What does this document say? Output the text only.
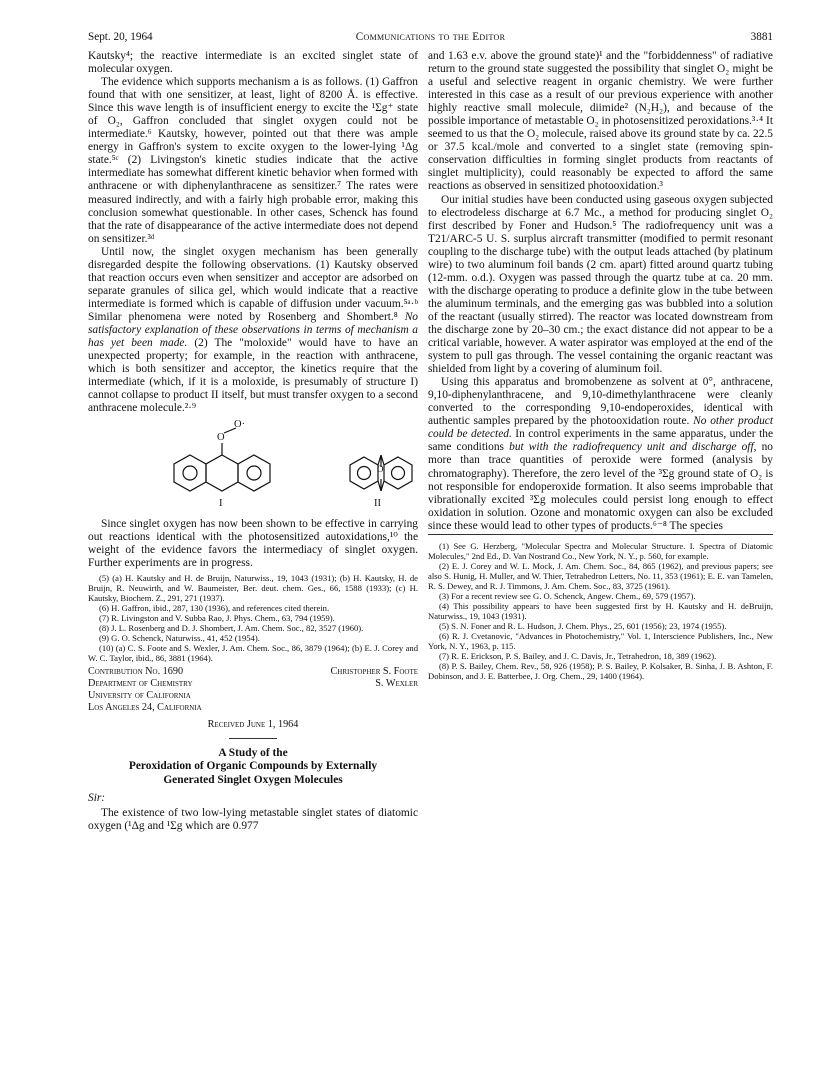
Sept. 20, 1964	Communications to the Editor	3881

Kautsky⁴; the reactive intermediate is an excited singlet state of molecular oxygen.

The evidence which supports mechanism a is as follows. (1) Gaffron found that with one sensitizer, at least, light of 8200 Å. is effective. Since this wave length is of insufficient energy to excite the ¹Σg⁺ state of O₂, Gaffron concluded that singlet oxygen could not be intermediate.⁶ Kautsky, however, pointed out that there was ample energy in Gaffron's system to excite oxygen to the lower-lying ¹Δg state.⁵ᶜ (2) Livingston's kinetic studies indicate that the active intermediate has somewhat different kinetic behavior when formed with anthracene or with diphenylanthracene as sensitizer.⁷ The rates were measured indirectly, and with a fairly high probable error, making this conclusion somewhat questionable. In other cases, Schenck has found that the rate of disappearance of the active intermediate does not depend on sensitizer.³ᵈ

Until now, the singlet oxygen mechanism has been generally disregarded despite the following observations. (1) Kautsky observed that reaction occurs even when sensitizer and acceptor are adsorbed on separate granules of silica gel, which would indicate that a reactive intermediate is formed which is capable of diffusion under vacuum.⁵ᵃ·ᵇ Similar phenomena were noted by Rosenberg and Shombert.⁸ No satisfactory explanation of these observations in terms of mechanism a has yet been made. (2) The "moloxide" would have to have an unexpected property; for example, in the reaction with anthracene, which is both sensitizer and acceptor, the kinetics require that the intermediate (which, if it is a moloxide, is presumably of structure I) cannot collapse to product II itself, but must transfer oxygen to a second anthracene molecule.²·⁹

O
O·
O
I	II

Since singlet oxygen has now been shown to be effective in carrying out reactions identical with the photosensitized autoxidations,¹⁰ the weight of the evidence favors the intermediacy of singlet oxygen. Further experiments are in progress.

(5) (a) H. Kautsky and H. de Bruijn, Naturwiss., 19, 1043 (1931); (b) H. Kautsky, H. de Bruijn, R. Neuwirth, and W. Baumeister, Ber. deut. chem. Ges., 66, 1588 (1933); (c) H. Kautsky, Biochem. Z., 291, 271 (1937).

(6) H. Gaffron, ibid., 287, 130 (1936), and references cited therein.

(7) R. Livingston and V. Subba Rao, J. Phys. Chem., 63, 794 (1959).

(8) J. L. Rosenberg and D. J. Shombert, J. Am. Chem. Soc., 82, 3527 (1960).

(9) G. O. Schenck, Naturwiss., 41, 452 (1954).

(10) (a) C. S. Foote and S. Wexler, J. Am. Chem. Soc., 86, 3879 (1964); (b) E. J. Corey and W. C. Taylor, ibid., 86, 3881 (1964).

Contribution No. 1690
Department of Chemistry
University of California
Los Angeles 24, California
Christopher S. Foote
S. Wexler
Received June 1, 1964
A Study of the
Peroxidation of Organic Compounds by Externally
Generated Singlet Oxygen Molecules
Sir:

The existence of two low-lying metastable singlet states of diatomic oxygen (¹Δg and ¹Σg which are 0.977

and 1.63 e.v. above the ground state)¹ and the "forbiddenness" of radiative return to the ground state suggested the possibility that singlet O₂ might be a useful and selective reagent in organic chemistry. We were further interested in this case as a result of our previous experience with another highly reactive small molecule, diimide² (N₂H₂), and because of the possible importance of metastable O₂ in photosensitized peroxidations.³·⁴ It seemed to us that the O₂ molecule, raised above its ground state by ca. 22.5 or 37.5 kcal./mole and converted to a singlet state (removing spin-conservation difficulties in forming singlet products from reactants of singlet multiplicity), could reasonably be expected to afford the same reactions as observed in sensitized photooxidation.³

Our initial studies have been conducted using gaseous oxygen subjected to electrodeless discharge at 6.7 Mc., a method for producing singlet O₂ first described by Foner and Hudson.⁵ The radiofrequency unit was a T21/ARC-5 U. S. surplus aircraft transmitter (modified to permit resonant coupling to the discharge tube) with the output leads attached (by platinum wire) to two aluminum foil bands (2 cm. apart) fitted around quartz tubing (12-mm. o.d.). Oxygen was passed through the quartz tube at ca. 20 mm. with the discharge operating to produce a definite glow in the tube between the aluminum terminals, and the emerging gas was bubbled into a solution of the reactant (usually stirred). The reactor was located downstream from the discharge zone by 20–30 cm.; the exact distance did not appear to be a critical variable, however. A water aspirator was employed at the end of the system to pull gas through. The vessel containing the organic reactant was shielded from light by a covering of aluminum foil.

Using this apparatus and bromobenzene as solvent at 0°, anthracene, 9,10-diphenylanthracene, and 9,10-dimethylanthracene were cleanly converted to the corresponding 9,10-endoperoxides, identical with authentic samples prepared by the photooxidation route. No other product could be detected. In control experiments in the same apparatus, under the same conditions but with the radiofrequency unit and discharge off, no more than trace quantities of peroxide were formed (analysis by chromatography). Therefore, the zero level of the ³Σg ground state of O₂ is not responsible for endoperoxide formation. It also seems improbable that vibrationally excited ³Σg molecules could persist long enough to effect oxidation in solution. Ozone and monatomic oxygen can also be excluded since these would lead to other types of products.⁶⁻⁸ The species

(1) See G. Herzberg, "Molecular Spectra and Molecular Structure. I. Spectra of Diatomic Molecules," 2nd Ed., D. Van Nostrand Co., New York, N. Y., p. 560, for example.

(2) E. J. Corey and W. L. Mock, J. Am. Chem. Soc., 84, 865 (1962), and previous papers; see also S. Hunig, H. Muller, and W. Thier, Tetrahedron Letters, No. 11, 353 (1961); E. E. van Tamelen, R. S. Dewey, and R. J. Timmons, J. Am. Chem. Soc., 83, 3725 (1961).

(3) For a recent review see G. O. Schenck, Angew. Chem., 69, 579 (1957).

(4) This possibility appears to have been suggested first by H. Kautsky and H. deBruijn, Naturwiss., 19, 1043 (1931).

(5) S. N. Foner and R. L. Hudson, J. Chem. Phys., 25, 601 (1956); 23, 1974 (1955).

(6) R. J. Cvetanovic, "Advances in Photochemistry," Vol. 1, Interscience Publishers, Inc., New York, N. Y., 1963, p. 115.

(7) R. E. Erickson, P. S. Bailey, and J. C. Davis, Jr., Tetrahedron, 18, 389 (1962).

(8) P. S. Bailey, Chem. Rev., 58, 926 (1958); P. S. Bailey, P. Kolsaker, B. Sinha, J. B. Ashton, F. Dobinson, and J. E. Batterbee, J. Org. Chem., 29, 1400 (1964).
